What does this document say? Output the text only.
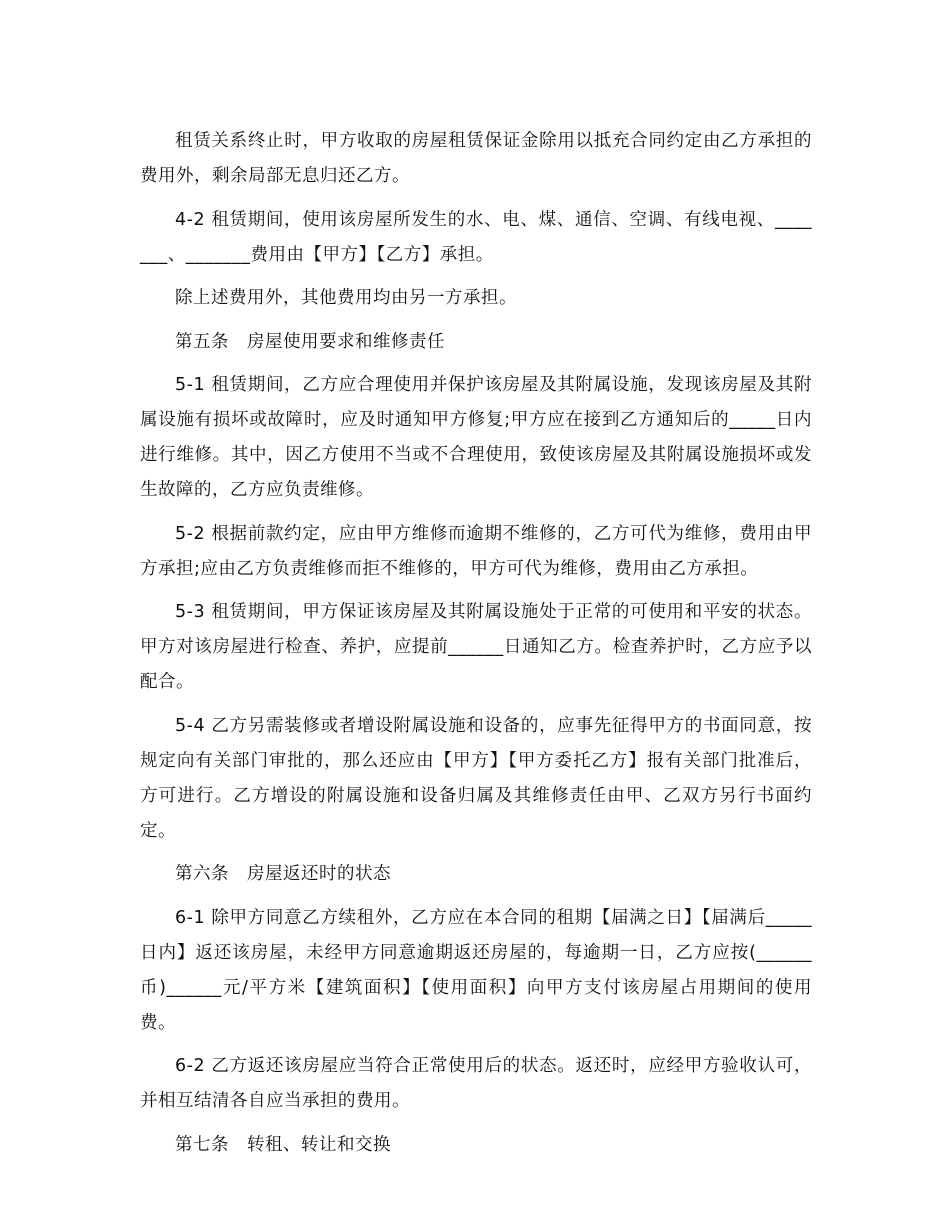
租赁关系终止时，甲方收取的房屋租赁保证金除用以抵充合同约定由乙方承担的费用外，剩余局部无息归还乙方。

4-2 租赁期间，使用该房屋所发生的水、电、煤、通信、空调、有线电视、_______、_______费用由【甲方】【乙方】承担。

除上述费用外，其他费用均由另一方承担。

第五条　房屋使用要求和维修责任

5-1 租赁期间，乙方应合理使用并保护该房屋及其附属设施，发现该房屋及其附属设施有损坏或故障时，应及时通知甲方修复;甲方应在接到乙方通知后的_____日内进行维修。其中，因乙方使用不当或不合理使用，致使该房屋及其附属设施损坏或发生故障的，乙方应负责维修。

5-2 根据前款约定，应由甲方维修而逾期不维修的，乙方可代为维修，费用由甲方承担;应由乙方负责维修而拒不维修的，甲方可代为维修，费用由乙方承担。

5-3 租赁期间，甲方保证该房屋及其附属设施处于正常的可使用和平安的状态。甲方对该房屋进行检查、养护，应提前______日通知乙方。检查养护时，乙方应予以配合。

5-4 乙方另需装修或者增设附属设施和设备的，应事先征得甲方的书面同意，按规定向有关部门审批的，那么还应由【甲方】【甲方委托乙方】报有关部门批准后，方可进行。乙方增设的附属设施和设备归属及其维修责任由甲、乙双方另行书面约定。

第六条　房屋返还时的状态

6-1 除甲方同意乙方续租外，乙方应在本合同的租期【届满之日】【届满后_____日内】返还该房屋，未经甲方同意逾期返还房屋的，每逾期一日，乙方应按(______币)______元/平方米【建筑面积】【使用面积】向甲方支付该房屋占用期间的使用费。

6-2 乙方返还该房屋应当符合正常使用后的状态。返还时，应经甲方验收认可，并相互结清各自应当承担的费用。

第七条　转租、转让和交换
